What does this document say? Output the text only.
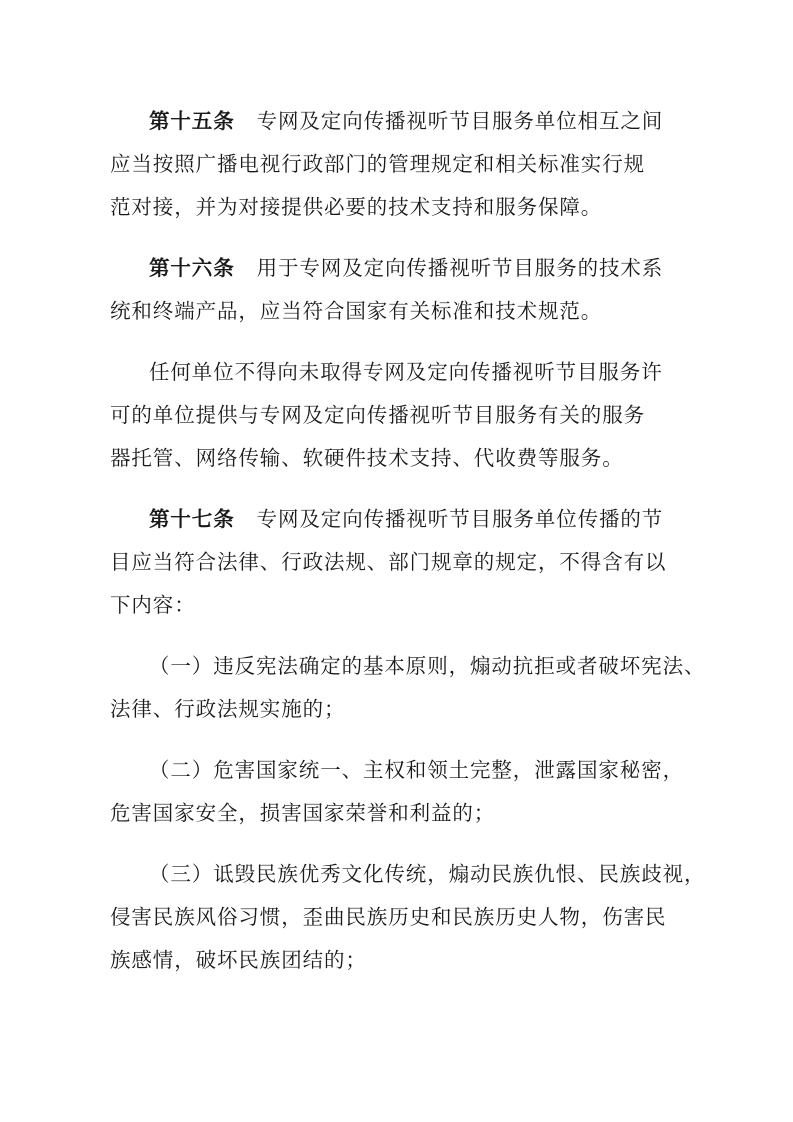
第十五条 专网及定向传播视听节目服务单位相互之间
应当按照广播电视行政部门的管理规定和相关标准实行规
范对接，并为对接提供必要的技术支持和服务保障。
第十六条 用于专网及定向传播视听节目服务的技术系
统和终端产品，应当符合国家有关标准和技术规范。
任何单位不得向未取得专网及定向传播视听节目服务许
可的单位提供与专网及定向传播视听节目服务有关的服务
器托管、网络传输、软硬件技术支持、代收费等服务。
第十七条 专网及定向传播视听节目服务单位传播的节
目应当符合法律、行政法规、部门规章的规定，不得含有以
下内容：
（一）违反宪法确定的基本原则，煽动抗拒或者破坏宪法、
法律、行政法规实施的；
（二）危害国家统一、主权和领土完整，泄露国家秘密，
危害国家安全，损害国家荣誉和利益的；
（三）诋毁民族优秀文化传统，煽动民族仇恨、民族歧视，
侵害民族风俗习惯，歪曲民族历史和民族历史人物，伤害民
族感情，破坏民族团结的；
